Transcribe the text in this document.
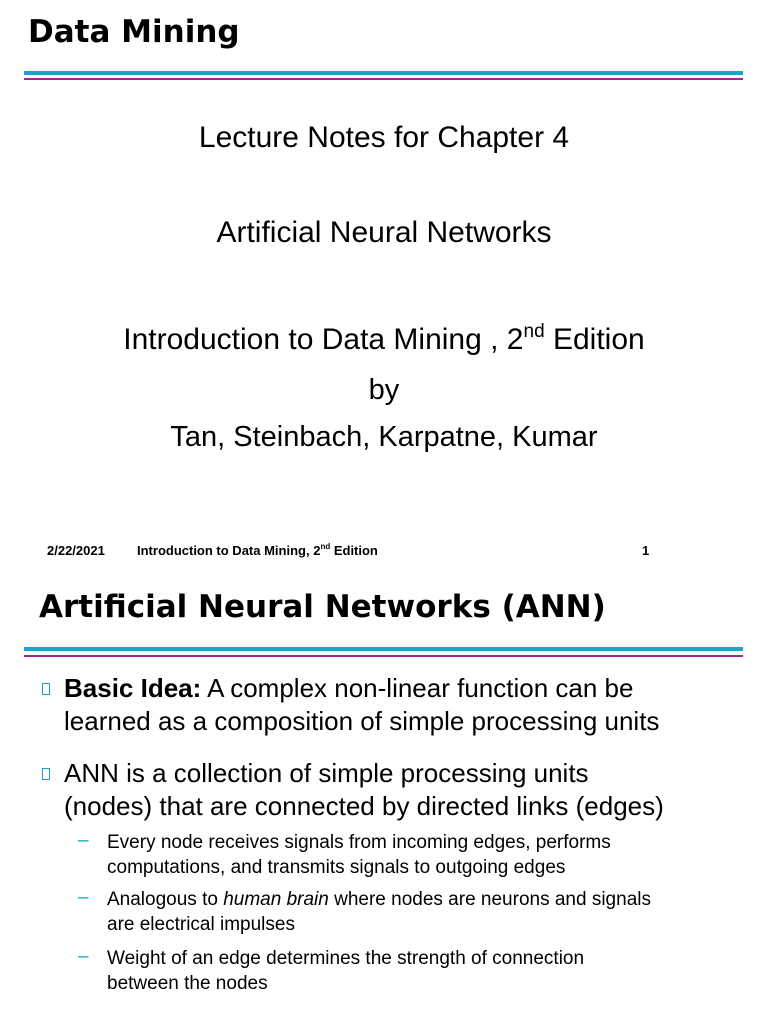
Data Mining
Lecture Notes for Chapter 4
Artificial Neural Networks
Introduction to Data Mining , 2nd Edition
by
Tan, Steinbach, Karpatne, Kumar
2/22/2021 Introduction to Data Mining, 2nd Edition	1
Artificial Neural Networks (ANN)
Basic Idea: A complex non-linear function can be
learned as a composition of simple processing units
ANN is a collection of simple processing units
(nodes) that are connected by directed links (edges)
– Every node receives signals from incoming edges, performs
computations, and transmits signals to outgoing edges
– Analogous to human brain where nodes are neurons and signals
are electrical impulses
– Weight of an edge determines the strength of connection
between the nodes
